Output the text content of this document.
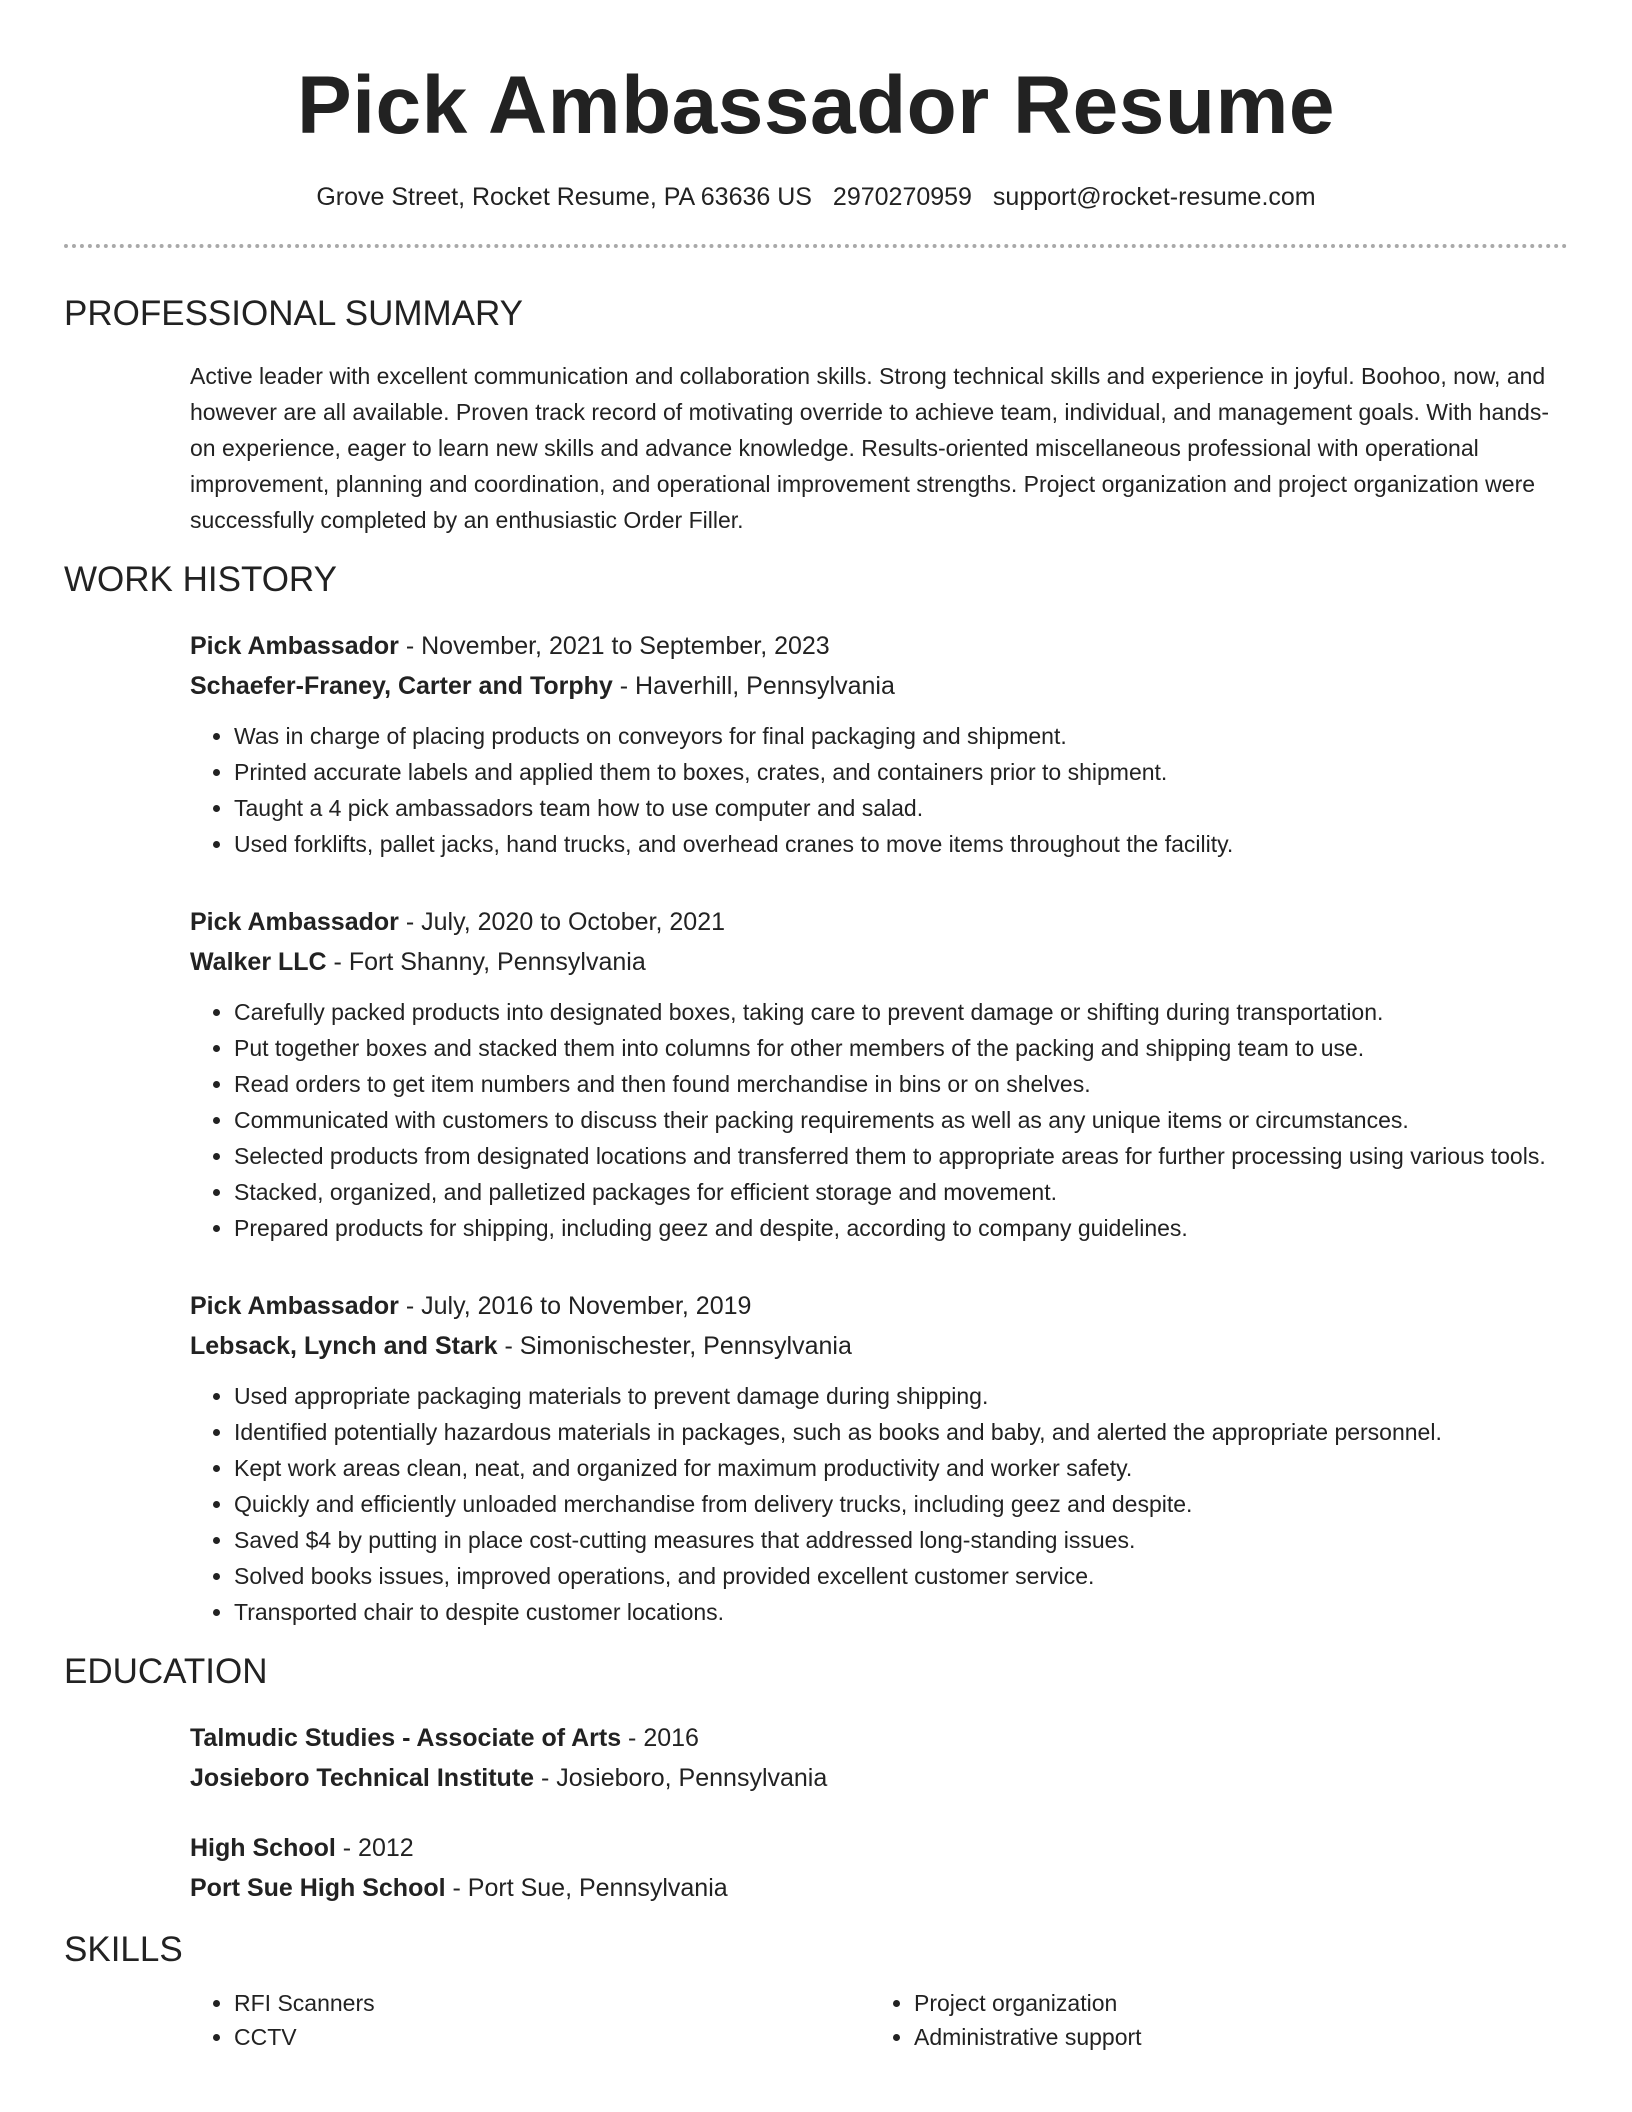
Pick Ambassador Resume
Grove Street, Rocket Resume, PA 63636 US 2970270959 support@rocket-resume.com
PROFESSIONAL SUMMARY
Active leader with excellent communication and collaboration skills. Strong technical skills and experience in joyful. Boohoo, now, and however are all available. Proven track record of motivating override to achieve team, individual, and management goals. With hands-on experience, eager to learn new skills and advance knowledge. Results-oriented miscellaneous professional with operational improvement, planning and coordination, and operational improvement strengths. Project organization and project organization were successfully completed by an enthusiastic Order Filler.
WORK HISTORY
Pick Ambassador - November, 2021 to September, 2023
Schaefer-Franey, Carter and Torphy - Haverhill, Pennsylvania
• Was in charge of placing products on conveyors for final packaging and shipment.
• Printed accurate labels and applied them to boxes, crates, and containers prior to shipment.
• Taught a 4 pick ambassadors team how to use computer and salad.
• Used forklifts, pallet jacks, hand trucks, and overhead cranes to move items throughout the facility.
Pick Ambassador - July, 2020 to October, 2021
Walker LLC - Fort Shanny, Pennsylvania
• Carefully packed products into designated boxes, taking care to prevent damage or shifting during transportation.
• Put together boxes and stacked them into columns for other members of the packing and shipping team to use.
• Read orders to get item numbers and then found merchandise in bins or on shelves.
• Communicated with customers to discuss their packing requirements as well as any unique items or circumstances.
• Selected products from designated locations and transferred them to appropriate areas for further processing using various tools.
• Stacked, organized, and palletized packages for efficient storage and movement.
• Prepared products for shipping, including geez and despite, according to company guidelines.
Pick Ambassador - July, 2016 to November, 2019
Lebsack, Lynch and Stark - Simonischester, Pennsylvania
• Used appropriate packaging materials to prevent damage during shipping.
• Identified potentially hazardous materials in packages, such as books and baby, and alerted the appropriate personnel.
• Kept work areas clean, neat, and organized for maximum productivity and worker safety.
• Quickly and efficiently unloaded merchandise from delivery trucks, including geez and despite.
• Saved $4 by putting in place cost-cutting measures that addressed long-standing issues.
• Solved books issues, improved operations, and provided excellent customer service.
• Transported chair to despite customer locations.
EDUCATION
Talmudic Studies - Associate of Arts - 2016
Josieboro Technical Institute - Josieboro, Pennsylvania
High School - 2012
Port Sue High School - Port Sue, Pennsylvania
SKILLS
• RFI Scanners
• CCTV
• Project organization
• Administrative support
